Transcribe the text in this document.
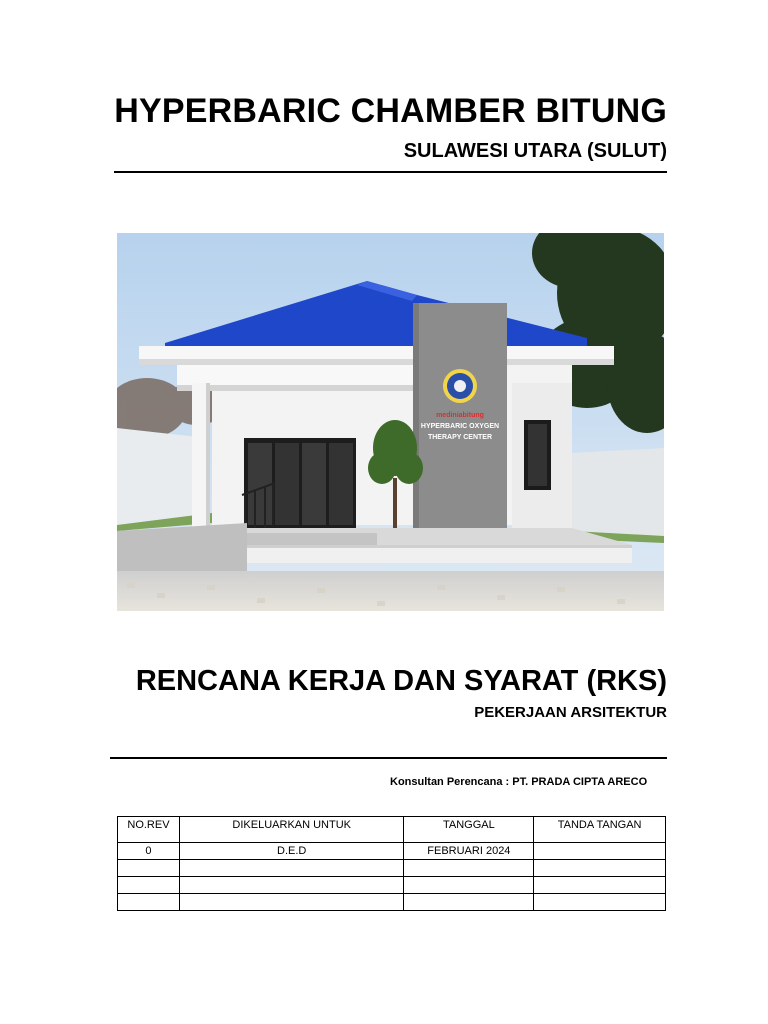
HYPERBARIC CHAMBER BITUNG
SULAWESI UTARA (SULUT)
mediniabitung
HYPERBARIC OXYGEN
THERAPY CENTER
RENCANA KERJA DAN SYARAT (RKS)
PEKERJAAN ARSITEKTUR
Konsultan Perencana : PT. PRADA CIPTA ARECO
NO.REV	DIKELUARKAN UNTUK	TANGGAL	TANDA TANGAN
0	D.E.D	FEBRUARI 2024	
